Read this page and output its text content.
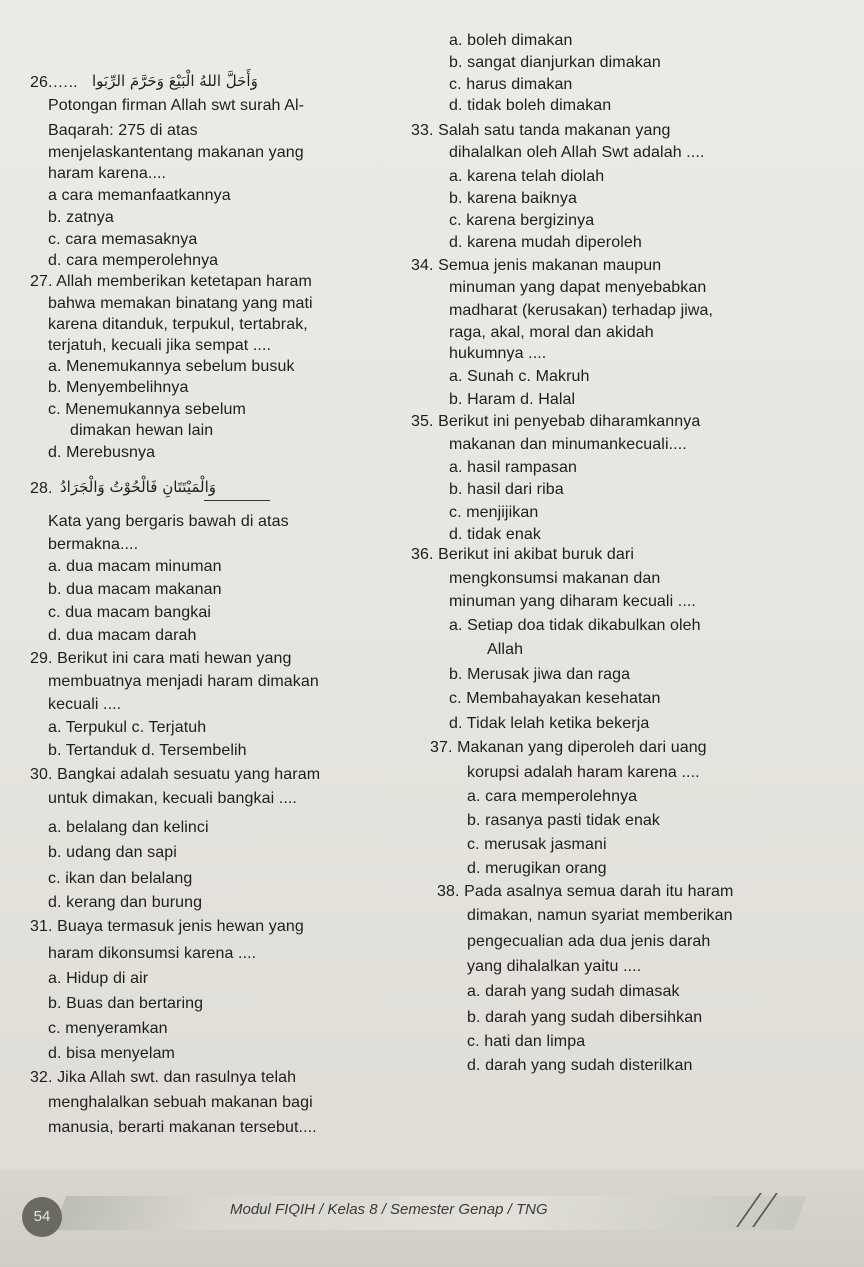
26.….. وَأَحَلَّ اللهُ الْبَيْعَ وَحَرَّمَ الرِّبَوا
Potongan firman Allah swt surah Al-
Baqarah: 275 di atas
menjelaskantentang makanan yang
haram karena....
a cara memanfaatkannya
b. zatnya
c. cara memasaknya
d. cara memperolehnya
27. Allah memberikan ketetapan haram
bahwa memakan binatang yang mati
karena ditanduk, terpukul, tertabrak,
terjatuh, kecuali jika sempat ....
a. Menemukannya sebelum busuk
b. Menyembelihnya
c. Menemukannya sebelum
dimakan hewan lain
d. Merebusnya
28. وَالْمَيْتَتَانِ فَالْحُوْتُ وَالْجَرَادُ
Kata yang bergaris bawah di atas
bermakna....
a. dua macam minuman
b. dua macam makanan
c. dua macam bangkai
d. dua macam darah
29. Berikut ini cara mati hewan yang
membuatnya menjadi haram dimakan
kecuali ....
a. Terpukul c. Terjatuh
b. Tertanduk d. Tersembelih
30. Bangkai adalah sesuatu yang haram
untuk dimakan, kecuali bangkai ....
a. belalang dan kelinci
b. udang dan sapi
c. ikan dan belalang
d. kerang dan burung
31. Buaya termasuk jenis hewan yang
haram dikonsumsi karena ....
a. Hidup di air
b. Buas dan bertaring
c. menyeramkan
d. bisa menyelam
32. Jika Allah swt. dan rasulnya telah
menghalalkan sebuah makanan bagi
manusia, berarti makanan tersebut....
a. boleh dimakan
b. sangat dianjurkan dimakan
c. harus dimakan
d. tidak boleh dimakan
33. Salah satu tanda makanan yang
dihalalkan oleh Allah Swt adalah ....
a. karena telah diolah
b. karena baiknya
c. karena bergizinya
d. karena mudah diperoleh
34. Semua jenis makanan maupun
minuman yang dapat menyebabkan
madharat (kerusakan) terhadap jiwa,
raga, akal, moral dan akidah
hukumnya ....
a. Sunah c. Makruh
b. Haram d. Halal
35. Berikut ini penyebab diharamkannya
makanan dan minumankecuali....
a. hasil rampasan
b. hasil dari riba
c. menjijikan
d. tidak enak
36. Berikut ini akibat buruk dari
mengkonsumsi makanan dan
minuman yang diharam kecuali ....
a. Setiap doa tidak dikabulkan oleh
Allah
b. Merusak jiwa dan raga
c. Membahayakan kesehatan
d. Tidak lelah ketika bekerja
37. Makanan yang diperoleh dari uang
korupsi adalah haram karena ....
a. cara memperolehnya
b. rasanya pasti tidak enak
c. merusak jasmani
d. merugikan orang
38. Pada asalnya semua darah itu haram
dimakan, namun syariat memberikan
pengecualian ada dua jenis darah
yang dihalalkan yaitu ....
a. darah yang sudah dimasak
b. darah yang sudah dibersihkan
c. hati dan limpa
d. darah yang sudah disterilkan
54	Modul FIQIH / Kelas 8 / Semester Genap / TNG
